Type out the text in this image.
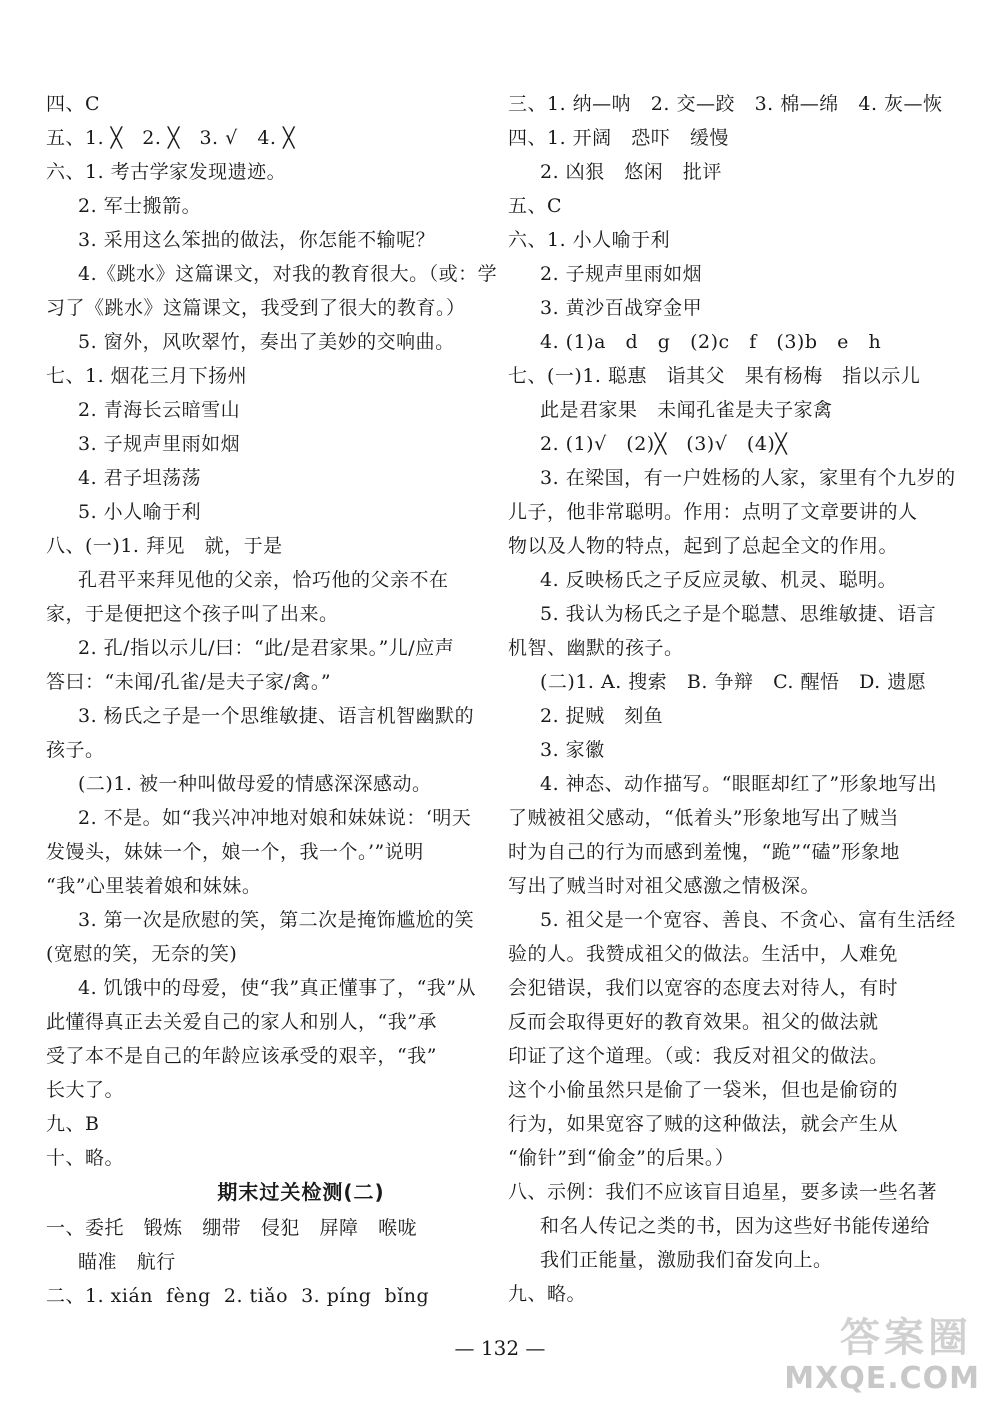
四、C
五、1. ╳   2. ╳   3. √   4. ╳
六、1. 考古学家发现遗迹。
2. 军士搬箭。
3. 采用这么笨拙的做法，你怎能不输呢？
4.《跳水》这篇课文，对我的教育很大。（或：学
习了《跳水》这篇课文，我受到了很大的教育。）
5. 窗外，风吹翠竹，奏出了美妙的交响曲。
七、1. 烟花三月下扬州
2. 青海长云暗雪山
3. 子规声里雨如烟
4. 君子坦荡荡
5. 小人喻于利
八、(一)1. 拜见   就，于是
孔君平来拜见他的父亲，恰巧他的父亲不在
家，于是便把这个孩子叫了出来。
2. 孔/指以示儿/曰：“此/是君家果。”儿/应声
答曰：“未闻/孔雀/是夫子家/禽。”
3. 杨氏之子是一个思维敏捷、语言机智幽默的
孩子。
(二)1. 被一种叫做母爱的情感深深感动。
2. 不是。如“我兴冲冲地对娘和妹妹说：‘明天
发馒头，妹妹一个，娘一个，我一个。’”说明
“我”心里装着娘和妹妹。
3. 第一次是欣慰的笑，第二次是掩饰尴尬的笑
(宽慰的笑，无奈的笑)
4. 饥饿中的母爱，使“我”真正懂事了，“我”从
此懂得真正去关爱自己的家人和别人，“我”承
受了本不是自己的年龄应该承受的艰辛，“我”
长大了。
九、B
十、略。
期末过关检测(二)
一、委托   锻炼   绷带   侵犯   屏障   喉咙
瞄准   航行
二、1. xián  fèng  2. tiǎo  3. píng  bǐng
三、1. 纳—呐   2. 交—跤   3. 棉—绵   4. 灰—恢
四、1. 开阔   恐吓   缓慢
2. 凶狠   悠闲   批评
五、C
六、1. 小人喻于利
2. 子规声里雨如烟
3. 黄沙百战穿金甲
4. (1)a   d   g   (2)c   f   (3)b   e   h
七、(一)1. 聪惠   诣其父   果有杨梅   指以示儿
此是君家果   未闻孔雀是夫子家禽
2. (1)√   (2)╳   (3)√   (4)╳
3. 在梁国，有一户姓杨的人家，家里有个九岁的
儿子，他非常聪明。作用：点明了文章要讲的人
物以及人物的特点，起到了总起全文的作用。
4. 反映杨氏之子反应灵敏、机灵、聪明。
5. 我认为杨氏之子是个聪慧、思维敏捷、语言
机智、幽默的孩子。
(二)1. A. 搜索   B. 争辩   C. 醒悟   D. 遗愿
2. 捉贼   刻鱼
3. 家徽
4. 神态、动作描写。“眼眶却红了”形象地写出
了贼被祖父感动，“低着头”形象地写出了贼当
时为自己的行为而感到羞愧，“跪”“磕”形象地
写出了贼当时对祖父感激之情极深。
5. 祖父是一个宽容、善良、不贪心、富有生活经
验的人。我赞成祖父的做法。生活中，人难免
会犯错误，我们以宽容的态度去对待人，有时
反而会取得更好的教育效果。祖父的做法就
印证了这个道理。（或：我反对祖父的做法。
这个小偷虽然只是偷了一袋米，但也是偷窃的
行为，如果宽容了贼的这种做法，就会产生从
“偷针”到“偷金”的后果。）
八、示例：我们不应该盲目追星，要多读一些名著
和名人传记之类的书，因为这些好书能传递给
我们正能量，激励我们奋发向上。
九、略。
— 132 —	答案圈
MXQE.COM
